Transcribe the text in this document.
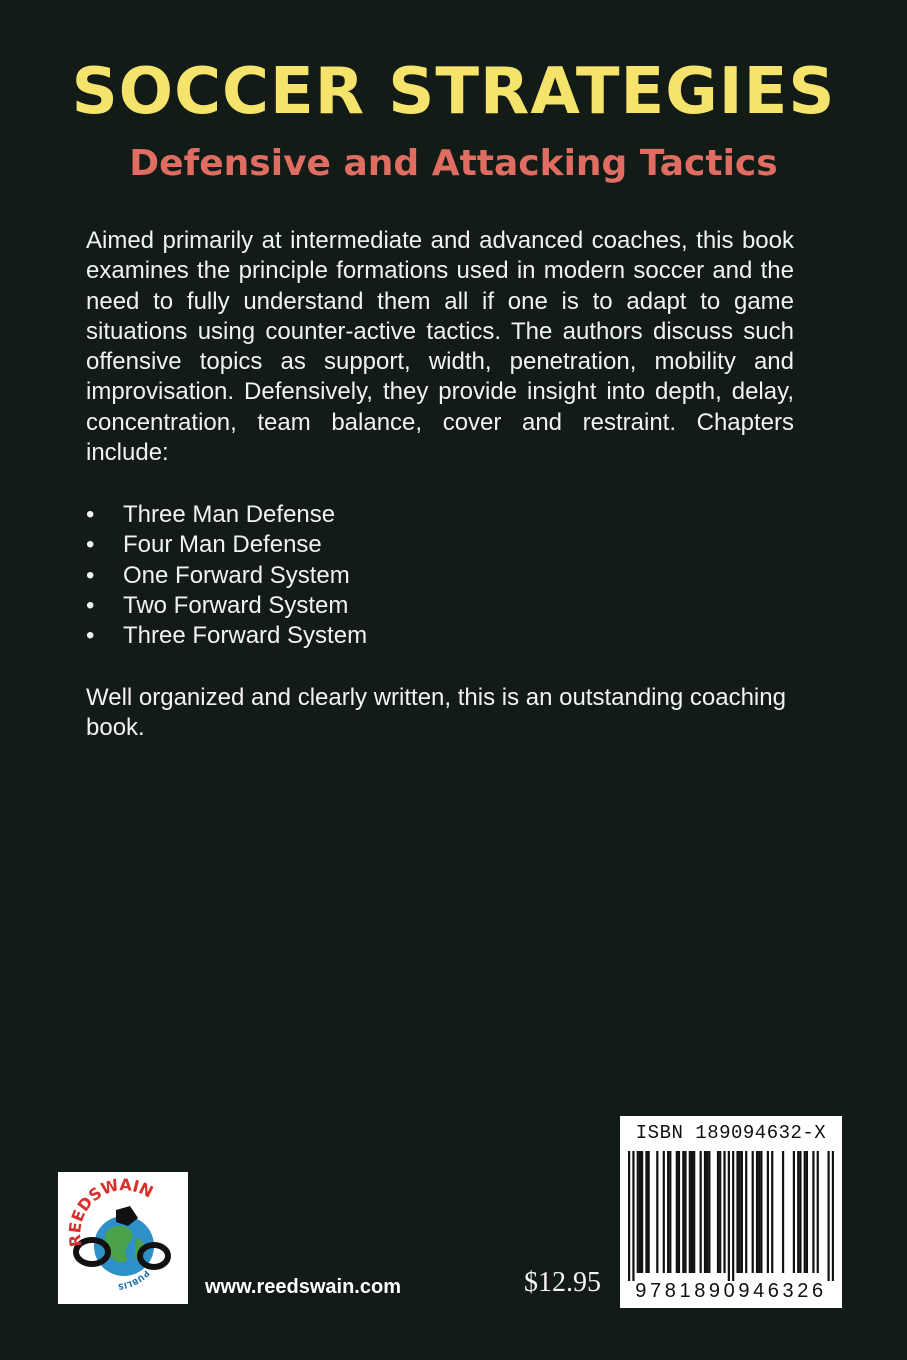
SOCCER STRATEGIES
Defensive and Attacking Tactics

Aimed primarily at intermediate and advanced coaches, this book examines the principle formations used in modern soccer and the need to fully understand them all if one is to adapt to game situations using counter-active tactics. The authors discuss such offensive topics as support, width, penetration, mobility and improvisation. Defensively, they provide insight into depth, delay, concentration, team balance, cover and restraint. Chapters include:

• Three Man Defense
• Four Man Defense
• One Forward System
• Two Forward System
• Three Forward System

Well organized and clearly written, this is an outstanding coaching book.

REEDSWAIN
PUBLIS	www.reedswain.com	$12.95
ISBN 189094632-X
9781890946326
